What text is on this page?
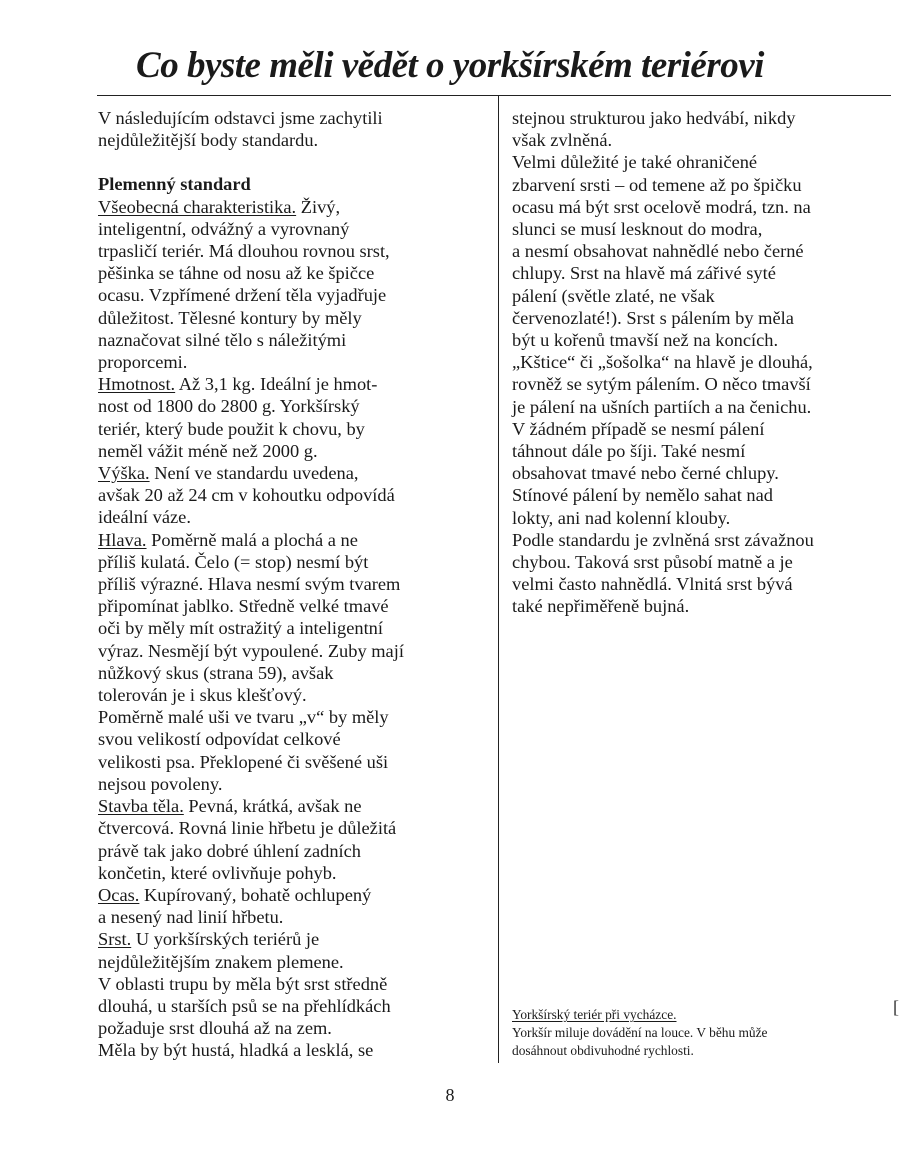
Co byste měli vědět o yorkšírském teriérovi

V následujícím odstavci jsme zachytili
nejdůležitější body standardu.

Plemenný standard

Všeobecná charakteristika. Živý,
inteligentní, odvážný a vyrovnaný
trpasličí teriér. Má dlouhou rovnou srst,
pěšinka se táhne od nosu až ke špičce
ocasu. Vzpřímené držení těla vyjadřuje
důležitost. Tělesné kontury by měly
naznačovat silné tělo s náležitými
proporcemi.

Hmotnost. Až 3,1 kg. Ideální je hmot-
nost od 1800 do 2800 g. Yorkšírský
teriér, který bude použit k chovu, by
neměl vážit méně než 2000 g.

Výška. Není ve standardu uvedena,
avšak 20 až 24 cm v kohoutku odpovídá
ideální váze.

Hlava. Poměrně malá a plochá a ne
příliš kulatá. Čelo (= stop) nesmí být
příliš výrazné. Hlava nesmí svým tvarem
připomínat jablko. Středně velké tmavé
oči by měly mít ostražitý a inteligentní
výraz. Nesmějí být vypoulené. Zuby mají
nůžkový skus (strana 59), avšak
tolerován je i skus klešťový.
Poměrně malé uši ve tvaru „v“ by měly
svou velikostí odpovídat celkové
velikosti psa. Překlopené či svěšené uši
nejsou povoleny.

Stavba těla. Pevná, krátká, avšak ne
čtvercová. Rovná linie hřbetu je důležitá
právě tak jako dobré úhlení zadních
končetin, které ovlivňuje pohyb.

Ocas. Kupírovaný, bohatě ochlupený
a nesený nad linií hřbetu.

Srst. U yorkšírských teriérů je
nejdůležitějším znakem plemene.
V oblasti trupu by měla být srst středně
dlouhá, u starších psů se na přehlídkách
požaduje srst dlouhá až na zem.
Měla by být hustá, hladká a lesklá, se

stejnou strukturou jako hedvábí, nikdy
však zvlněná.
Velmi důležité je také ohraničené
zbarvení srsti – od temene až po špičku
ocasu má být srst ocelově modrá, tzn. na
slunci se musí lesknout do modra,
a nesmí obsahovat nahnědlé nebo černé
chlupy. Srst na hlavě má zářivé syté
pálení (světle zlaté, ne však
červenozlaté!). Srst s pálením by měla
být u kořenů tmavší než na koncích.
„Kštice“ či „šošolka“ na hlavě je dlouhá,
rovněž se sytým pálením. O něco tmavší
je pálení na ušních partiích a na čenichu.
V žádném případě se nesmí pálení
táhnout dále po šíji. Také nesmí
obsahovat tmavé nebo černé chlupy.
Stínové pálení by nemělo sahat nad
lokty, ani nad kolenní klouby.
Podle standardu je zvlněná srst závažnou
chybou. Taková srst působí matně a je
velmi často nahnědlá. Vlnitá srst bývá
také nepřiměřeně bujná.

Yorkšírský teriér při vycházce.
Yorkšír miluje dovádění na louce. V běhu může
dosáhnout obdivuhodné rychlosti.
[
8
